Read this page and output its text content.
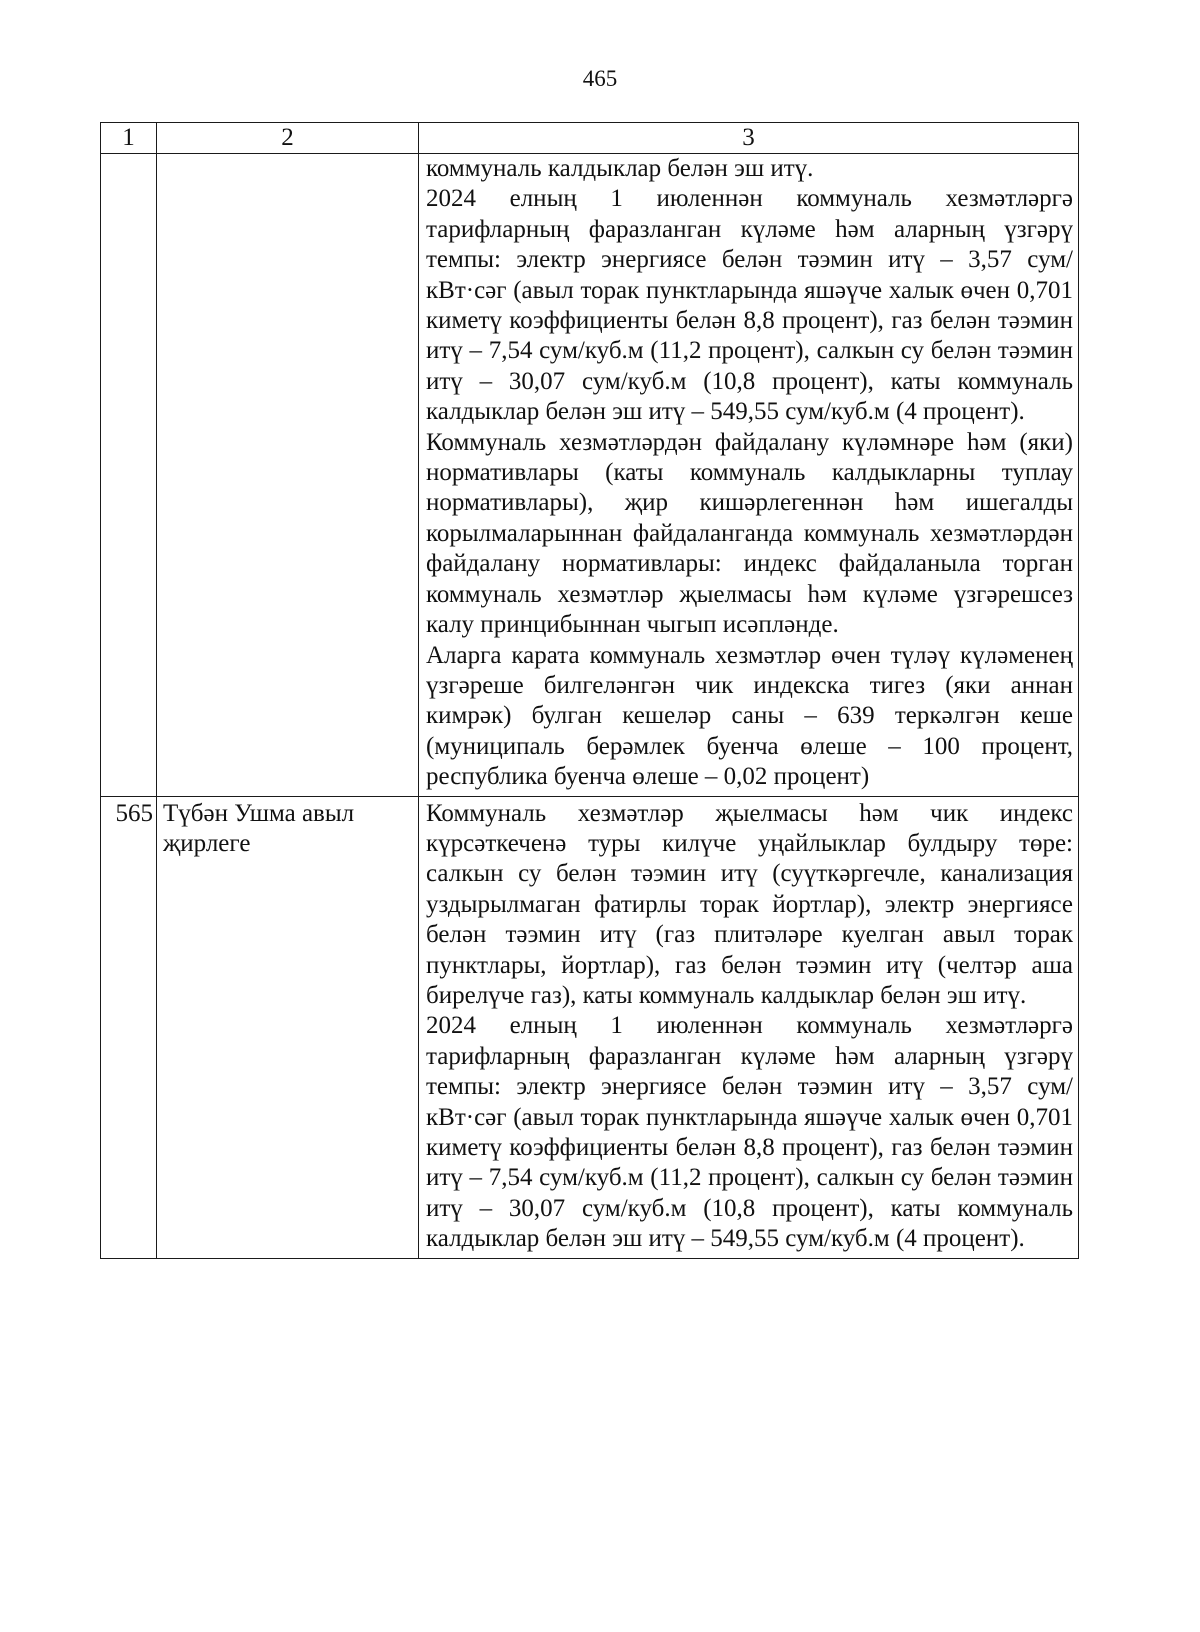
465
1	2	3

		коммуналь калдыклар белән эш итү.

2024 елның 1 июленнән коммуналь хезмәтләргә тарифларның фаразланган күләме һәм аларның үзгәрү темпы: электр энергиясе белән тәэмин итү – 3,57 сум/кВт·сәг (авыл торак пунктларында яшәүче халык өчен 0,701 киметү коэффициенты белән 8,8 процент), газ белән тәэмин итү – 7,54 сум/куб.м (11,2 процент), салкын су белән тәэмин итү – 30,07 сум/куб.м (10,8 процент), каты коммуналь калдыклар белән эш итү – 549,55 сум/куб.м (4 процент).

Коммуналь хезмәтләрдән файдалану күләмнәре һәм (яки) нормативлары (каты коммуналь калдыкларны туплау нормативлары), җир кишәрлегеннән һәм ишегалды корылмаларыннан файдаланганда коммуналь хезмәтләрдән файдалану нормативлары: индекс файдаланыла торган коммуналь хезмәтләр җыелмасы һәм күләме үзгәрешсез калу принцибыннан чыгып исәпләнде.

Аларга карата коммуналь хезмәтләр өчен түләү күләменең үзгәреше билгеләнгән чик индекска тигез (яки аннан кимрәк) булган кешеләр саны – 639 теркәлгән кеше (муниципаль берәмлек буенча өлеше – 100 процент, республика буенча өлеше – 0,02 процент)

565	Түбән Ушма авыл җирлеге	Коммуналь хезмәтләр җыелмасы һәм чик индекс күрсәткеченә туры килүче уңайлыклар булдыру төре: салкын су белән тәэмин итү (суүткәргечле, канализация уздырылмаган фатирлы торак йортлар), электр энергиясе белән тәэмин итү (газ плитәләре куелган авыл торак пунктлары, йортлар), газ белән тәэмин итү (челтәр аша бирелүче газ), каты коммуналь калдыклар белән эш итү.

2024 елның 1 июленнән коммуналь хезмәтләргә тарифларның фаразланган күләме һәм аларның үзгәрү темпы: электр энергиясе белән тәэмин итү – 3,57 сум/кВт·сәг (авыл торак пунктларында яшәүче халык өчен 0,701 киметү коэффициенты белән 8,8 процент), газ белән тәэмин итү – 7,54 сум/куб.м (11,2 процент), салкын су белән тәэмин итү – 30,07 сум/куб.м (10,8 процент), каты коммуналь калдыклар белән эш итү – 549,55 сум/куб.м (4 процент).
